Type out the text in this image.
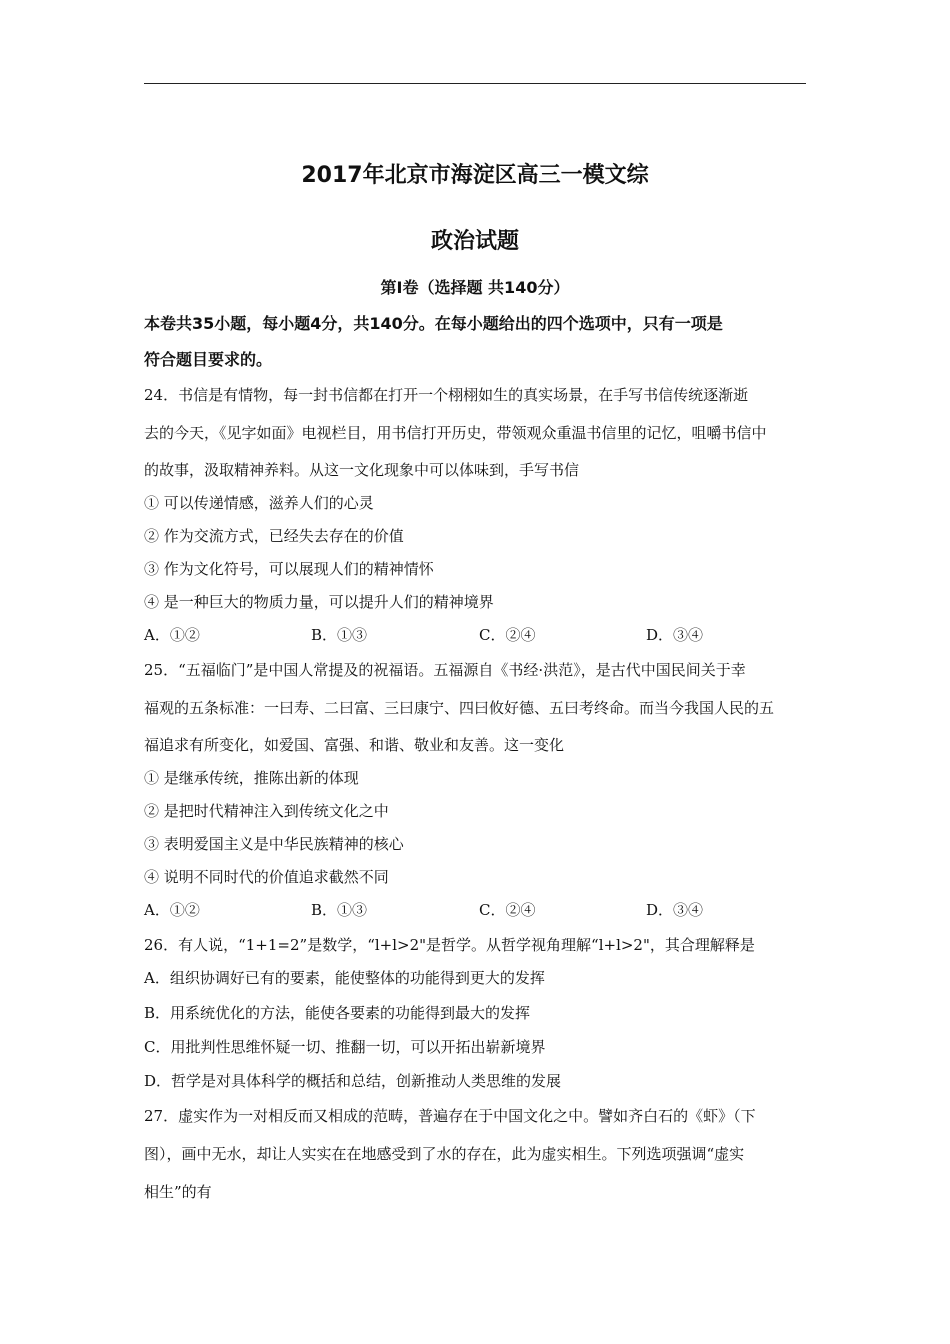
2017年北京市海淀区高三一模文综
政治试题
第Ⅰ卷（选择题 共140分）
本卷共35小题，每小题4分，共140分。在每小题给出的四个选项中，只有一项是
符合题目要求的。
24．书信是有情物，每一封书信都在打开一个栩栩如生的真实场景，在手写书信传统逐渐逝
去的今天，《见字如面》电视栏目，用书信打开历史，带领观众重温书信里的记忆，咀嚼书信中
的故事，汲取精神养料。从这一文化现象中可以体味到，手写书信
① 可以传递情感，滋养人们的心灵
② 作为交流方式，已经失去存在的价值
③ 作为文化符号，可以展现人们的精神情怀
④ 是一种巨大的物质力量，可以提升人们的精神境界
A．①②	B．①③	C．②④	D．③④
25．“五福临门”是中国人常提及的祝福语。五福源自《书经·洪范》，是古代中国民间关于幸
福观的五条标准：一曰寿、二曰富、三曰康宁、四曰攸好德、五曰考终命。而当今我国人民的五
福追求有所变化，如爱国、富强、和谐、敬业和友善。这一变化
① 是继承传统，推陈出新的体现
② 是把时代精神注入到传统文化之中
③ 表明爱国主义是中华民族精神的核心
④ 说明不同时代的价值追求截然不同
A．①②	B．①③	C．②④	D．③④
26．有人说，“1+1=2”是数学，“l+l>2"是哲学。从哲学视角理解“l+l>2"，其合理解释是
A．组织协调好已有的要素，能使整体的功能得到更大的发挥
B．用系统优化的方法，能使各要素的功能得到最大的发挥
C．用批判性思维怀疑一切、推翻一切，可以开拓出崭新境界
D．哲学是对具体科学的概括和总结，创新推动人类思维的发展
27．虚实作为一对相反而又相成的范畴，普遍存在于中国文化之中。譬如齐白石的《虾》（下
图），画中无水，却让人实实在在地感受到了水的存在，此为虚实相生。下列选项强调“虚实
相生”的有
